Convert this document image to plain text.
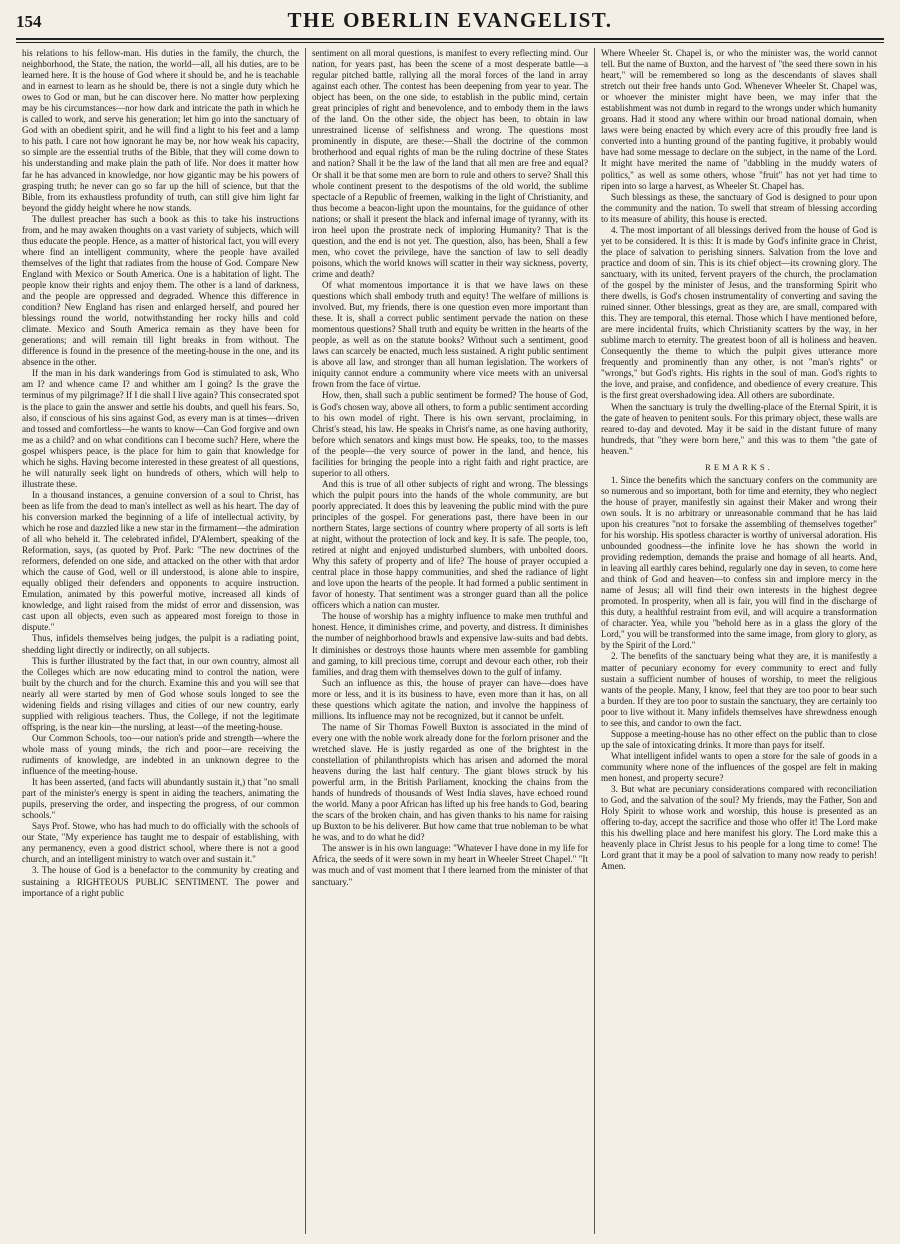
154	THE OBERLIN EVANGELIST.

his relations to his fellow-man. His duties in the family, the church, the neighborhood, the State, the nation, the world—all, all his duties, are to be learned here. It is the house of God where it should be, and he is teachable and in earnest to learn as he should be, there is not a single duty which he owes to God or man, but he can discover here. No matter how perplexing may be his circumstances—nor how dark and intricate the path in which he is called to work, and serve his generation; let him go into the sanctuary of God with an obedient spirit, and he will find a light to his feet and a lamp to his path. I care not how ignorant he may be, nor how weak his capacity, so simple are the essential truths of the Bible, that they will come down to his understanding and make plain the path of life. Nor does it matter how far he has advanced in knowledge, nor how gigantic may be his powers of grasping truth; he never can go so far up the hill of science, but that the Bible, from its exhaustless profundity of truth, can still give him light far beyond the giddy height where he now stands.

The dullest preacher has such a book as this to take his instructions from, and he may awaken thoughts on a vast variety of subjects, which will thus educate the people. Hence, as a matter of historical fact, you will every where find an intelligent community, where the people have availed themselves of the light that radiates from the house of God. Compare New England with Mexico or South America. One is a habitation of light. The people know their rights and enjoy them. The other is a land of darkness, and the people are oppressed and degraded. Whence this difference in condition? New England has risen and enlarged herself, and poured her blessings round the world, notwithstanding her rocky hills and cold climate. Mexico and South America remain as they have been for generations; and will remain till light breaks in from without. The difference is found in the presence of the meeting-house in the one, and its absence in the other.

If the man in his dark wanderings from God is stimulated to ask, Who am I? and whence came I? and whither am I going? Is the grave the terminus of my pilgrimage? If I die shall I live again? This consecrated spot is the place to gain the answer and settle his doubts, and quell his fears. So, also, if conscious of his sins against God, as every man is at times—driven and tossed and comfortless—he wants to know—Can God forgive and own me as a child? and on what conditions can I become such? Here, where the gospel whispers peace, is the place for him to gain that knowledge for which he sighs. Having become interested in these greatest of all questions, he will naturally seek light on hundreds of others, which will help to illustrate these.

In a thousand instances, a genuine conversion of a soul to Christ, has been as life from the dead to man's intellect as well as his heart. The day of his conversion marked the beginning of a life of intellectual activity, by which he rose and dazzled like a new star in the firmament—the admiration of all who beheld it. The celebrated infidel, D'Alembert, speaking of the Reformation, says, (as quoted by Prof. Park: "The new doctrines of the reformers, defended on one side, and attacked on the other with that ardor which the cause of God, well or ill understood, is alone able to inspire, equally obliged their defenders and opponents to acquire instruction. Emulation, animated by this powerful motive, increased all kinds of knowledge, and light raised from the midst of error and dissension, was cast upon all objects, even such as appeared most foreign to those in dispute."

Thus, infidels themselves being judges, the pulpit is a radiating point, shedding light directly or indirectly, on all subjects.

This is further illustrated by the fact that, in our own country, almost all the Colleges which are now educating mind to control the nation, were built by the church and for the church. Examine this and you will see that nearly all were started by men of God whose souls longed to see the widening fields and rising villages and cities of our new country, early supplied with religious teachers. Thus, the College, if not the legitimate offspring, is the near kin—the nursling, at least—of the meeting-house.

Our Common Schools, too—our nation's pride and strength—where the whole mass of young minds, the rich and poor—are receiving the rudiments of knowledge, are indebted in an unknown degree to the influence of the meeting-house.

It has been asserted, (and facts will abundantly sustain it,) that "no small part of the minister's energy is spent in aiding the teachers, animating the pupils, preserving the order, and inspecting the progress, of our common schools."

Says Prof. Stowe, who has had much to do officially with the schools of our State, "My experience has taught me to despair of establishing, with any permanency, even a good district school, where there is not a good church, and an intelligent ministry to watch over and sustain it."

3. The house of God is a benefactor to the community by creating and sustaining a RIGHTEOUS PUBLIC SENTIMENT. The power and importance of a right public

sentiment on all moral questions, is manifest to every reflecting mind. Our nation, for years past, has been the scene of a most desperate battle—a regular pitched battle, rallying all the moral forces of the land in array against each other. The contest has been deepening from year to year. The object has been, on the one side, to establish in the public mind, certain great principles of right and benevolence, and to embody them in the laws of the land. On the other side, the object has been, to obtain in law unrestrained license of selfishness and wrong. The questions most prominently in dispute, are these:—Shall the doctrine of the common brotherhood and equal rights of man be the ruling doctrine of these States and nation? Shall it be the law of the land that all men are free and equal? Or shall it be that some men are born to rule and others to serve? Shall this whole continent present to the despotisms of the old world, the sublime spectacle of a Republic of freemen, walking in the light of Christianity, and thus become a beacon-light upon the mountains, for the guidance of other nations; or shall it present the black and infernal image of tyranny, with its iron heel upon the prostrate neck of imploring Humanity? That is the question, and the end is not yet. The question, also, has been, Shall a few men, who covet the privilege, have the sanction of law to sell deadly poisons, which the world knows will scatter in their way sickness, poverty, crime and death?

Of what momentous importance it is that we have laws on these questions which shall embody truth and equity! The welfare of millions is involved. But, my friends, there is one question even more important than these. It is, shall a correct public sentiment pervade the nation on these momentous questions? Shall truth and equity be written in the hearts of the people, as well as on the statute books? Without such a sentiment, good laws can scarcely be enacted, much less sustained. A right public sentiment is above all law, and stronger than all human legislation. The workers of iniquity cannot endure a community where vice meets with an universal frown from the face of virtue.

How, then, shall such a public sentiment be formed? The house of God, is God's chosen way, above all others, to form a public sentiment according to his own model of right. There is his own servant, proclaiming, in Christ's stead, his law. He speaks in Christ's name, as one having authority, before which senators and kings must bow. He speaks, too, to the masses of the people—the very source of power in the land, and hence, his facilities for bringing the people into a right faith and right practice, are superior to all others.

And this is true of all other subjects of right and wrong. The blessings which the pulpit pours into the hands of the whole community, are but poorly appreciated. It does this by leavening the public mind with the pure principles of the gospel. For generations past, there have been in our northern States, large sections of country where property of all sorts is left at night, without the protection of lock and key. It is safe. The people, too, retired at night and enjoyed undisturbed slumbers, with unbolted doors. Why this safety of property and of life? The house of prayer occupied a central place in those happy communities, and shed the radiance of light and love upon the hearts of the people. It had formed a public sentiment in favor of honesty. That sentiment was a stronger guard than all the police officers which a nation can muster.

The house of worship has a mighty influence to make men truthful and honest. Hence, it diminishes crime, and poverty, and distress. It diminishes the number of neighborhood brawls and expensive law-suits and bad debts. It diminishes or destroys those haunts where men assemble for gambling and gaming, to kill precious time, corrupt and devour each other, rob their families, and drag them with themselves down to the gulf of infamy.

Such an influence as this, the house of prayer can have—does have more or less, and it is its business to have, even more than it has, on all these questions which agitate the nation, and involve the happiness of millions. Its influence may not be recognized, but it cannot be unfelt.

The name of Sir Thomas Fowell Buxton is associated in the mind of every one with the noble work already done for the forlorn prisoner and the wretched slave. He is justly regarded as one of the brightest in the constellation of philanthropists which has arisen and adorned the moral heavens during the last half century. The giant blows struck by his powerful arm, in the British Parliament, knocking the chains from the hands of hundreds of thousands of West India slaves, have echoed round the world. Many a poor African has lifted up his free hands to God, bearing the scars of the broken chain, and has given thanks to his name for raising up Buxton to be his deliverer. But how came that true nobleman to be what he was, and to do what he did?

The answer is in his own language: "Whatever I have done in my life for Africa, the seeds of it were sown in my heart in Wheeler Street Chapel." "It was much and of vast moment that I there learned from the minister of that sanctuary."

Where Wheeler St. Chapel is, or who the minister was, the world cannot tell. But the name of Buxton, and the harvest of "the seed there sown in his heart," will be remembered so long as the descendants of slaves shall stretch out their free hands unto God. Whenever Wheeler St. Chapel was, or whoever the minister might have been, we may infer that the establishment was not dumb in regard to the wrongs under which humanity groans. Had it stood any where within our broad national domain, when laws were being enacted by which every acre of this proudly free land is converted into a hunting ground of the panting fugitive, it probably would have had some message to declare on the subject, in the name of the Lord. It might have merited the name of "dabbling in the muddy waters of politics," as well as some others, whose "fruit" has not yet had time to ripen into so large a harvest, as Wheeler St. Chapel has.

Such blessings as these, the sanctuary of God is designed to pour upon the community and the nation. To swell that stream of blessing according to its measure of ability, this house is erected.

4. The most important of all blessings derived from the house of God is yet to be considered. It is this: It is made by God's infinite grace in Christ, the place of salvation to perishing sinners. Salvation from the love and practice and doom of sin. This is its chief object—its crowning glory. The sanctuary, with its united, fervent prayers of the church, the proclamation of the gospel by the minister of Jesus, and the transforming Spirit who there dwells, is God's chosen instrumentality of converting and saving the ruined sinner. Other blessings, great as they are, are small, compared with this. They are temporal, this eternal. Those which I have mentioned before, are mere incidental fruits, which Christianity scatters by the way, in her sublime march to eternity. The greatest boon of all is holiness and heaven. Consequently the theme to which the pulpit gives utterance more frequently and prominently than any other, is not "man's rights" or "wrongs," but God's rights. His rights in the soul of man. God's rights to the love, and praise, and confidence, and obedience of every creature. This is the first great overshadowing idea. All others are subordinate.

When the sanctuary is truly the dwelling-place of the Eternal Spirit, it is the gate of heaven to penitent souls. For this primary object, these walls are reared to-day and devoted. May it be said in the distant future of many hundreds, that "they were born here," and this was to them "the gate of heaven."

REMARKS.

1. Since the benefits which the sanctuary confers on the community are so numerous and so important, both for time and eternity, they who neglect the house of prayer, manifestly sin against their Maker and wrong their own souls. It is no arbitrary or unreasonable command that he has laid upon his creatures "not to forsake the assembling of themselves together" for his worship. His spotless character is worthy of universal adoration. His unbounded goodness—the infinite love he has shown the world in providing redemption, demands the praise and homage of all hearts. And, in leaving all earthly cares behind, regularly one day in seven, to come here and think of God and heaven—to confess sin and implore mercy in the name of Jesus; all will find their own interests in the highest degree promoted. In prosperity, when all is fair, you will find in the discharge of this duty, a healthful restraint from evil, and will acquire a transformation of character. Yea, while you "behold here as in a glass the glory of the Lord," you will be transformed into the same image, from glory to glory, as by the Spirit of the Lord."

2. The benefits of the sanctuary being what they are, it is manifestly a matter of pecuniary economy for every community to erect and fully sustain a sufficient number of houses of worship, to meet the religious wants of the people. Many, I know, feel that they are too poor to bear such a burden. If they are too poor to sustain the sanctuary, they are certainly too poor to live without it. Many infidels themselves have shrewdness enough to see this, and candor to own the fact.

Suppose a meeting-house has no other effect on the public than to close up the sale of intoxicating drinks. It more than pays for itself.

What intelligent infidel wants to open a store for the sale of goods in a community where none of the influences of the gospel are felt in making men honest, and property secure?

3. But what are pecuniary considerations compared with reconciliation to God, and the salvation of the soul? My friends, may the Father, Son and Holy Spirit to whose work and worship, this house is presented as an offering to-day, accept the sacrifice and those who offer it! The Lord make this his dwelling place and here manifest his glory. The Lord make this a heavenly place in Christ Jesus to his people for a long time to come! The Lord grant that it may be a pool of salvation to many now ready to perish! Amen.
